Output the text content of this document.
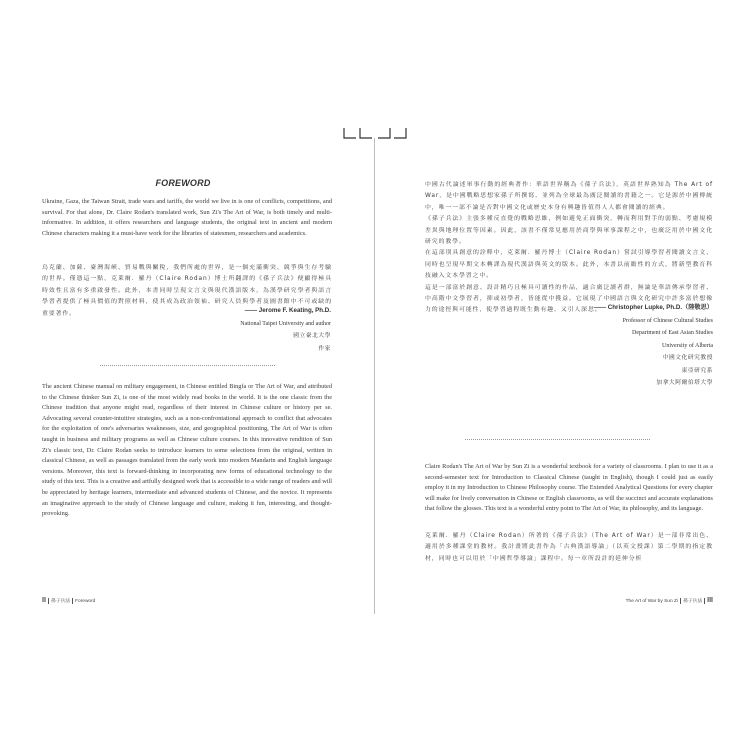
FOREWORD

Ukraine, Gaza, the Taiwan Strait, trade wars and tariffs, the world we live in is one of conflicts, competitions, and survival. For that alone, Dr. Claire Rodan's translated work, Sun Zi's The Art of War, is both timely and multi-informative. In addition, it offers researchers and language students, the original text in ancient and modern Chinese characters making it a must-have work for the libraries of statesmen, researchers and academics.

烏克蘭、加薩、臺灣海峽、貿易戰與關稅，我們所處的世界，是一個充滿衝突、競爭與生存考驗的世界。僅憑這一點，克萊爾．羅丹（Claire Rodan）博士所翻譯的《孫子兵法》便顯得極具時效性且富有多重啟發性。此外，本書同時呈現文言文與現代漢語版本，為漢學研究學者與語言學習者提供了極具價值的對照材料，使其成為政治領袖、研究人員與學者及圖書館中不可或缺的重要著作。	—— Jerome F. Keating, Ph.D.
National Taipei University and author
國立臺北大學
作家

The ancient Chinese manual on military engagement, in Chinese entitled Bingfa or The Art of War, and attributed to the Chinese thinker Sun Zi, is one of the most widely read books in the world. It is the one classic from the Chinese tradition that anyone might read, regardless of their interest in Chinese culture or history per se. Advocating several counter-intuitive strategies, such as a non-confrontational approach to conflict that advocates for the exploitation of one's adversaries weaknesses, size, and geographical positioning, The Art of War is often taught in business and military programs as well as Chinese culture courses. In this innovative rendition of Sun Zi's classic text, Dr. Claire Rodan seeks to introduce learners to some selections from the original, written in classical Chinese, as well as passages translated from the early work into modern Mandarin and English language versions. Moreover, this text is forward-thinking in incorporating new forms of educational technology to the study of this text. This is a creative and artfully designed work that is accessible to a wide range of readers and will be appreciated by heritage learners, intermediate and advanced students of Chinese, and the novice. It represents an imaginative approach to the study of Chinese language and culture, making it fun, interesting, and thought-provoking.

II 孫子兵法 Foreword

中國古代論述軍事行動的經典著作：華語世界稱為《孫子兵法》，英語世界熟知為 The Art of War，是中國戰略思想家孫子所撰寫，並列為全球最為廣泛閱讀的書籍之一。它是源於中國傳統中，唯一一部不論是否對中國文化或歷史本身有興趣皆值得人人都會閱讀的經典。

《孫子兵法》主張多種反直覺的戰略思維，例如避免正面衝突，轉而利用對手的弱點、考慮規模差異與地理位置等因素。因此，該書不僅常見應用於商學與軍事課程之中，也廣泛用於中國文化研究的教學。

在這部別具創意的詮釋中，克萊爾．羅丹博士（Claire Rodan）嘗試引導學習者閱讀文言文，同時也呈現早期文本轉譯為現代漢語與英文的版本。此外，本書以前瞻性的方式，將新型教育科技融入文本學習之中。

這是一部富於創意、設計精巧且極具可讀性的作品，適合廣泛讀者群，無論是華語傳承學習者、中高階中文學習者，抑或初學者，皆能從中獲益。它展現了中國語言與文化研究中許多富於想像力的途徑與可能性，使學習過程既生動有趣，又引人深思。

—— Christopher Lupke, Ph.D.（陸敬思）
Professor of Chinese Cultural Studies
Department of East Asian Studies
University of Alberta
中國文化研究教授
東亞研究系
加拿大阿爾伯塔大學

Claire Rodan's The Art of War by Sun Zi is a wonderful textbook for a variety of classrooms. I plan to use it as a second-semester text for Introduction to Classical Chinese (taught in English), though I could just as easily employ it in my Introduction to Chinese Philosophy course. The Extended Analytical Questions for every chapter will make for lively conversation in Chinese or English classrooms, as will the succinct and accurate explanations that follow the glosses. This text is a wonderful entry point to The Art of War, its philosophy, and its language.

克萊爾．羅丹（Claire Rodan）所著的《孫子兵法》（The Art of War）是一部非常出色、適用於多種課堂的教材。我計畫將此書作為「古典漢語導論」（以英文授課）第二學期的指定教材，同時也可以用於「中國哲學導論」課程中。每一章所設計的延伸分析

The Art of War by Sun Zi 孫子兵法 III
